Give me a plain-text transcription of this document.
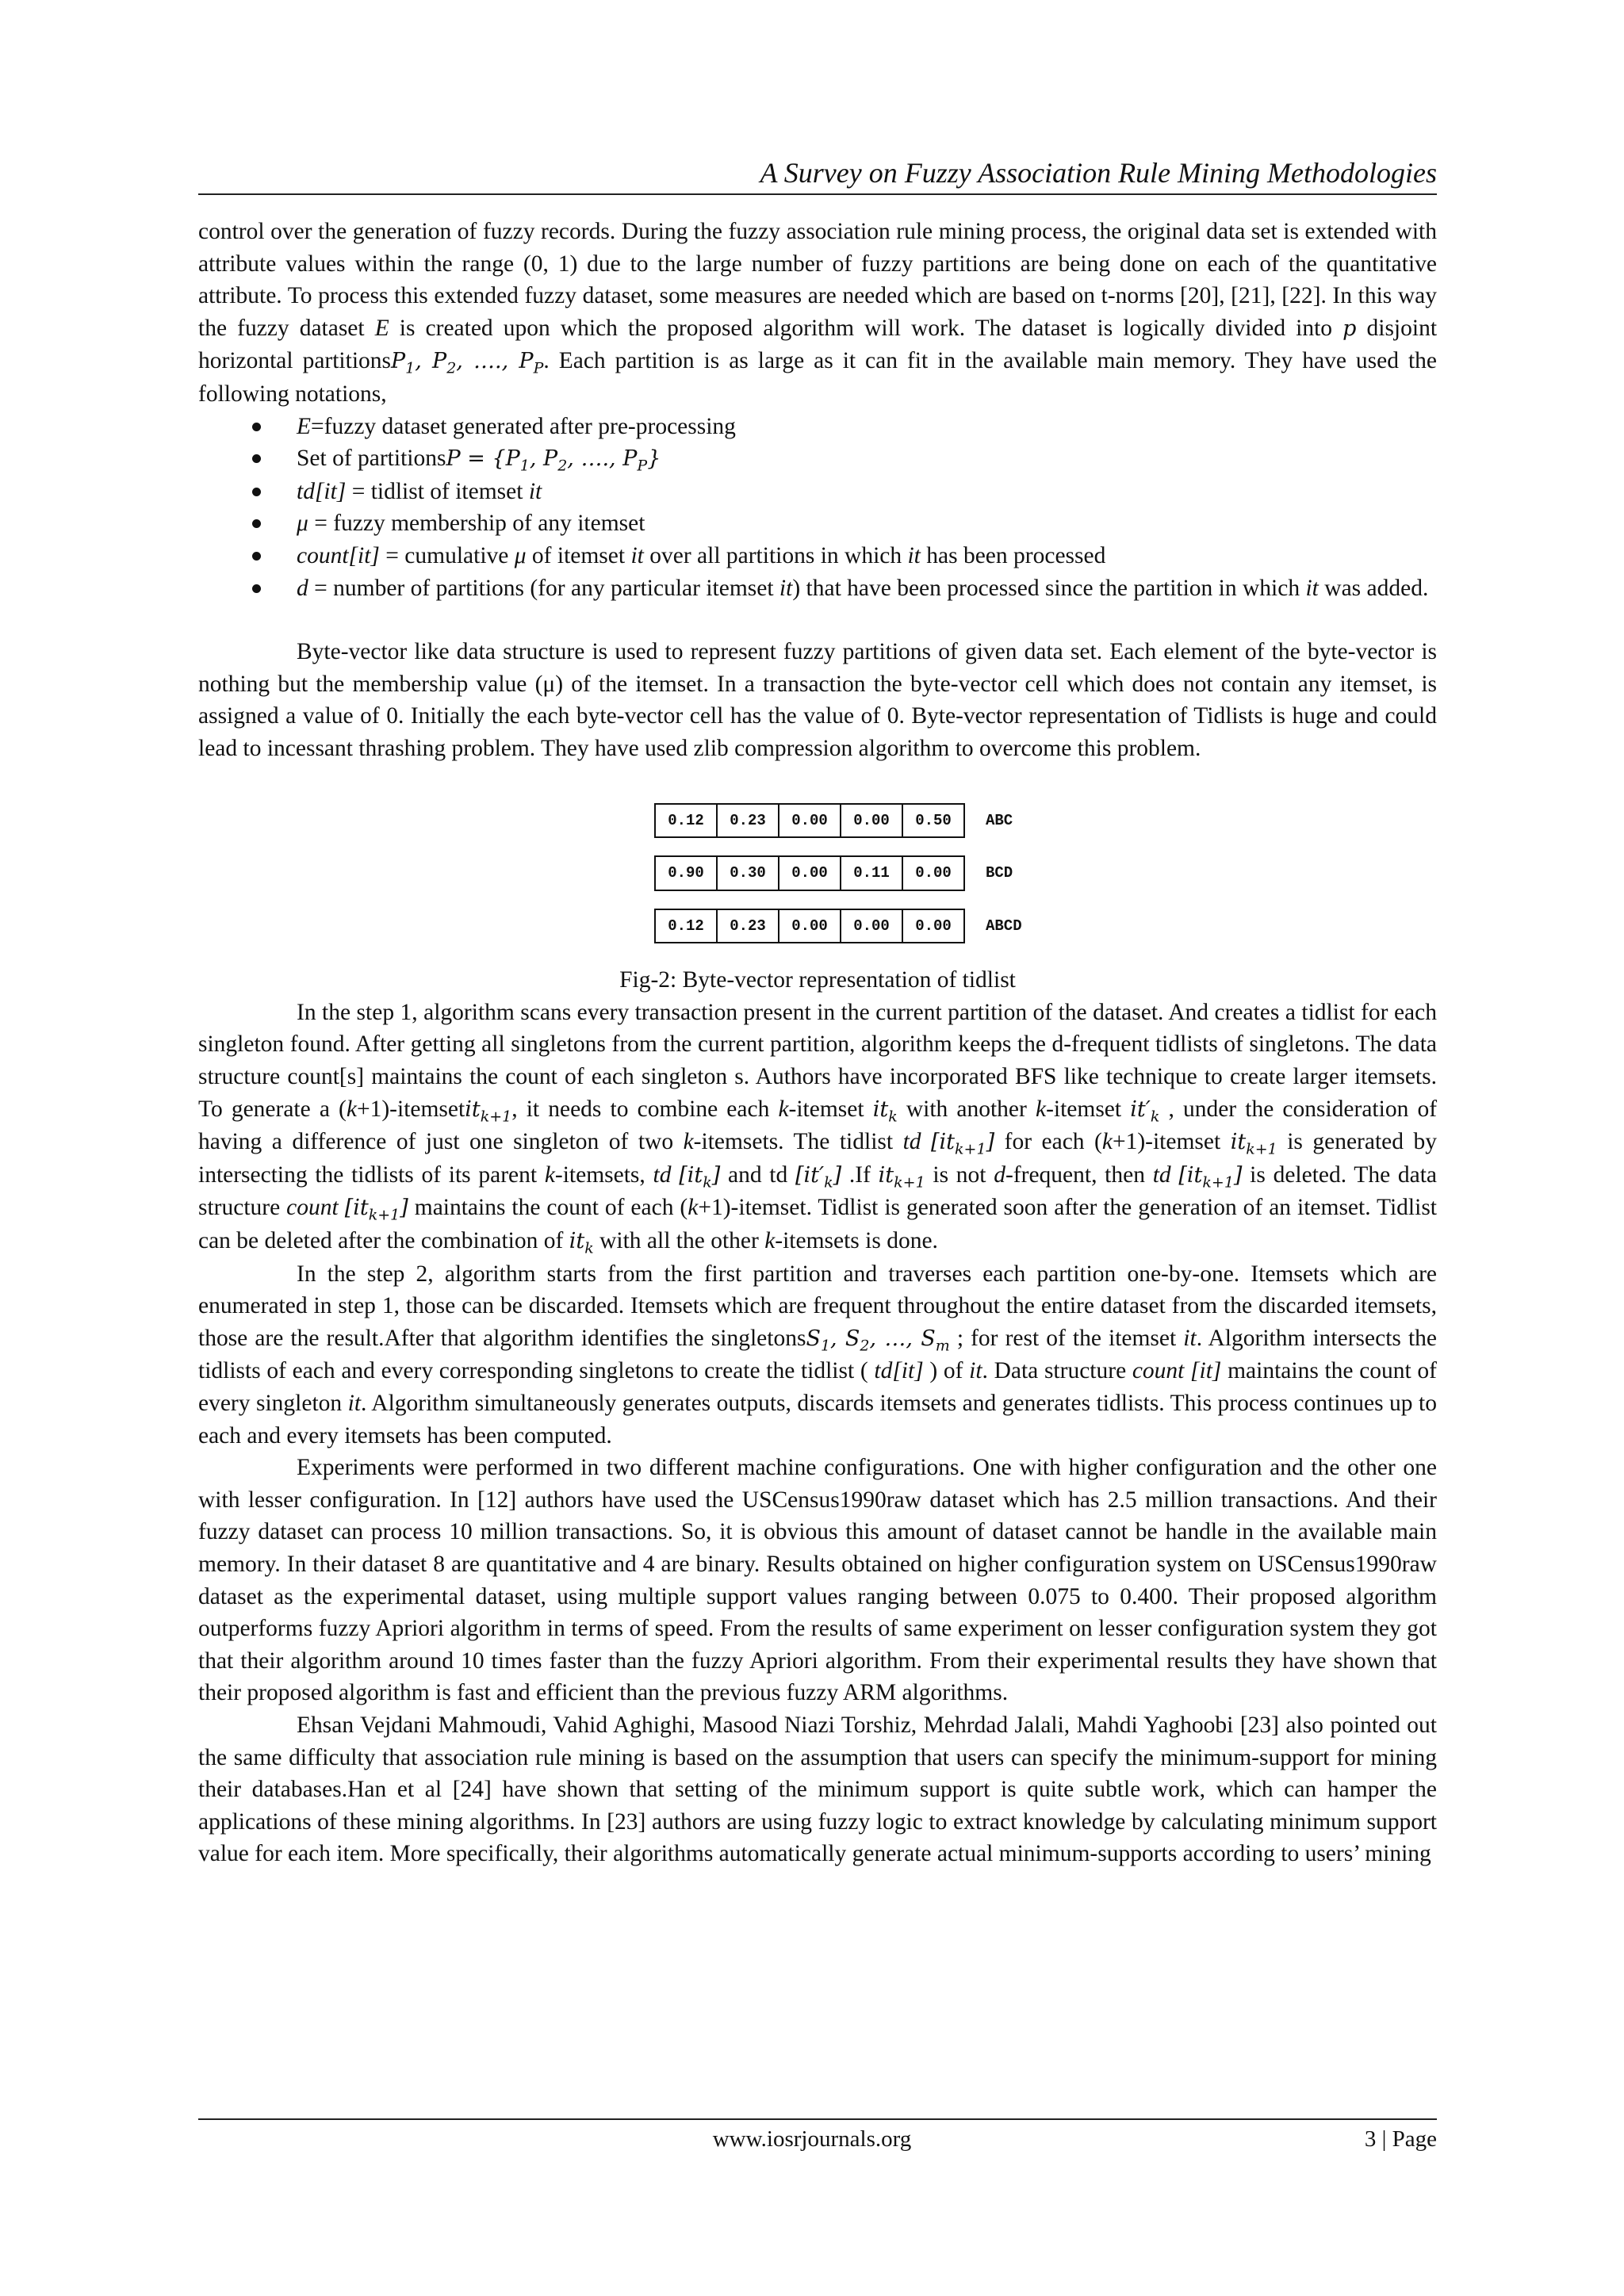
A Survey on Fuzzy Association Rule Mining Methodologies

control over the generation of fuzzy records. During the fuzzy association rule mining process, the original data set is extended with attribute values within the range (0, 1) due to the large number of fuzzy partitions are being done on each of the quantitative attribute. To process this extended fuzzy dataset, some measures are needed which are based on t-norms [20], [21], [22]. In this way the fuzzy dataset E is created upon which the proposed algorithm will work. The dataset is logically divided into p disjoint horizontal partitionsP$_1$, $P_2$, …., $P_P$. Each partition is as large as it can fit in the available main memory. They have used the following notations,

E=fuzzy dataset generated after pre-processing
Set of partitionsP = {$P_1$, $P_2$, …., $P_P$}
td[it] = tidlist of itemset it
μ = fuzzy membership of any itemset
count[it] = cumulative μ of itemset it over all partitions in which it has been processed
d = number of partitions (for any particular itemset it) that have been processed since the partition in which it was added.

Byte-vector like data structure is used to represent fuzzy partitions of given data set. Each element of the byte-vector is nothing but the membership value (μ) of the itemset. In a transaction the byte-vector cell which does not contain any itemset, is assigned a value of 0. Initially the each byte-vector cell has the value of 0. Byte-vector representation of Tidlists is huge and could lead to incessant thrashing problem. They have used zlib compression algorithm to overcome this problem.

0.12	0.23	0.00	0.00	0.50 ABC
0.90	0.30	0.00	0.11	0.00 BCD
0.12	0.23	0.00	0.00	0.00 ABCD

Fig-2: Byte-vector representation of tidlist

In the step 1, algorithm scans every transaction present in the current partition of the dataset. And creates a tidlist for each singleton found. After getting all singletons from the current partition, algorithm keeps the d-frequent tidlists of singletons. The data structure count[s] maintains the count of each singleton s. Authors have incorporated BFS like technique to create larger itemsets. To generate a (k+1)-itemsetit$_{k+1}$, it needs to combine each k-itemset $it_k$ with another k-itemset $it'_k$ , under the consideration of having a difference of just one singleton of two k-itemsets. The tidlist td $[it_{k+1}]$ for each (k+1)-itemset $it_{k+1}$ is generated by intersecting the tidlists of its parent k-itemsets, td $[it_k]$ and td $[it'_k]$ .If $it_{k+1}$ is not d-frequent, then td $[it_{k+1}]$ is deleted. The data structure count $[it_{k+1}]$ maintains the count of each (k+1)-itemset. Tidlist is generated soon after the generation of an itemset. Tidlist can be deleted after the combination of $it_k$ with all the other k-itemsets is done.

In the step 2, algorithm starts from the first partition and traverses each partition one-by-one. Itemsets which are enumerated in step 1, those can be discarded. Itemsets which are frequent throughout the entire dataset from the discarded itemsets, those are the result.After that algorithm identifies the singletonsS$_1$, $S_2$, …, $S_m$ ; for rest of the itemset it. Algorithm intersects the tidlists of each and every corresponding singletons to create the tidlist ( td[it] ) of it. Data structure count [it] maintains the count of every singleton it. Algorithm simultaneously generates outputs, discards itemsets and generates tidlists. This process continues up to each and every itemsets has been computed.

Experiments were performed in two different machine configurations. One with higher configuration and the other one with lesser configuration. In [12] authors have used the USCensus1990raw dataset which has 2.5 million transactions. And their fuzzy dataset can process 10 million transactions. So, it is obvious this amount of dataset cannot be handle in the available main memory. In their dataset 8 are quantitative and 4 are binary. Results obtained on higher configuration system on USCensus1990raw dataset as the experimental dataset, using multiple support values ranging between 0.075 to 0.400. Their proposed algorithm outperforms fuzzy Apriori algorithm in terms of speed. From the results of same experiment on lesser configuration system they got that their algorithm around 10 times faster than the fuzzy Apriori algorithm. From their experimental results they have shown that their proposed algorithm is fast and efficient than the previous fuzzy ARM algorithms.

Ehsan Vejdani Mahmoudi, Vahid Aghighi, Masood Niazi Torshiz, Mehrdad Jalali, Mahdi Yaghoobi [23] also pointed out the same difficulty that association rule mining is based on the assumption that users can specify the minimum-support for mining their databases.Han et al [24] have shown that setting of the minimum support is quite subtle work, which can hamper the applications of these mining algorithms. In [23] authors are using fuzzy logic to extract knowledge by calculating minimum support value for each item. More specifically, their algorithms automatically generate actual minimum-supports according to users’ mining

www.iosrjournals.org	3 | Page
